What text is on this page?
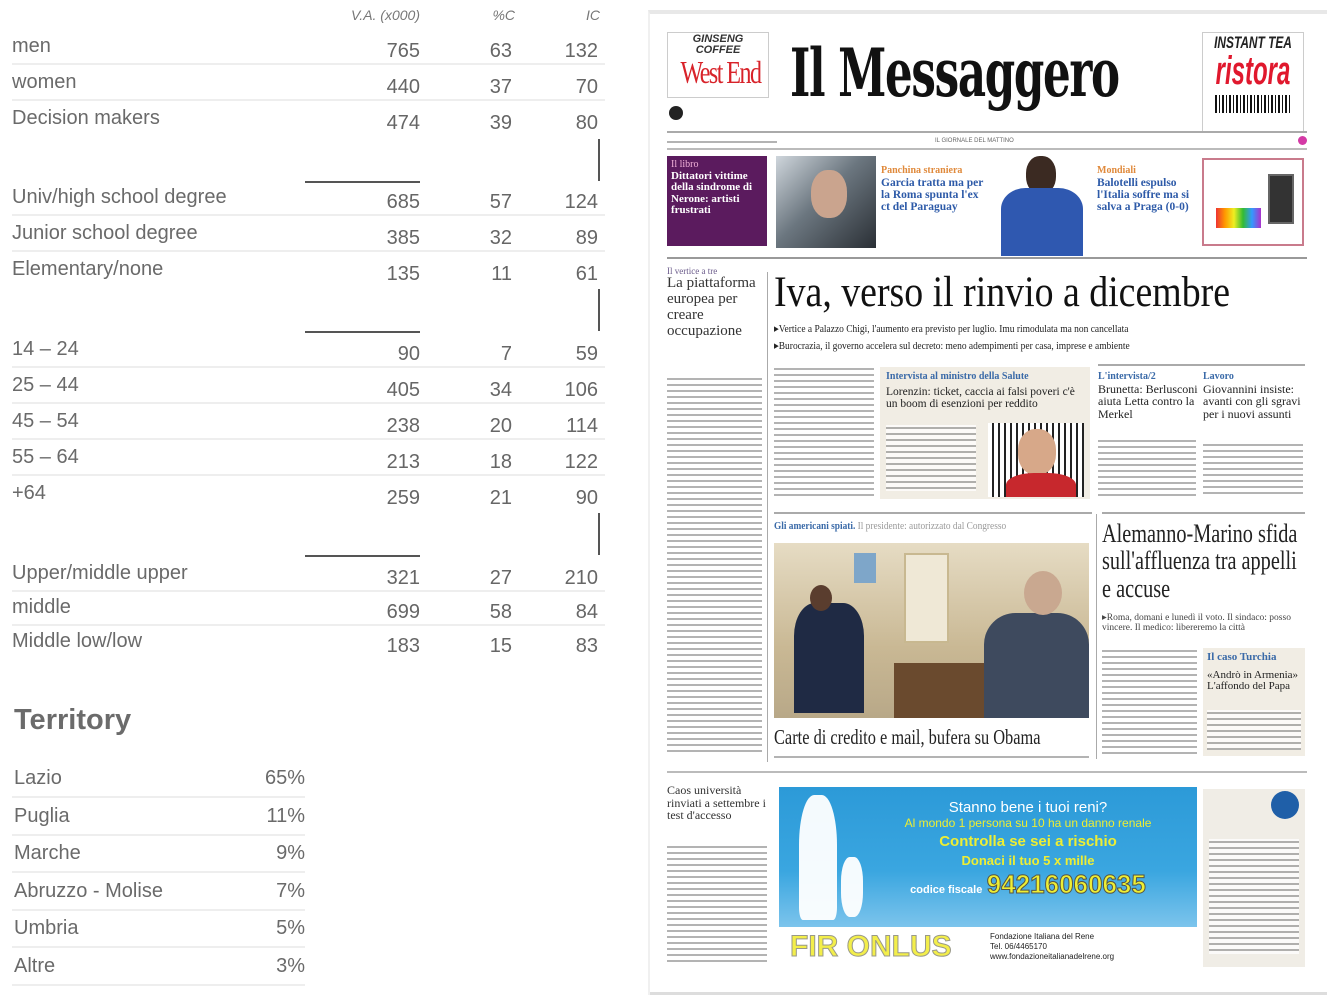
V.A. (x000)	%C	IC
men	765	63	132
women	440	37	70
Decision makers	474	39	80
Univ/high school degree	685	57	124
Junior school degree	385	32	89
Elementary/none	135	11	61
14 – 24	90	7	59
25 – 44	405	34	106
45 – 54	238	20	114
55 – 64	213	18	122
+64	259	21	90
Upper/middle upper	321	27	210
middle	699	58	84
Middle low/low	183	15	83
Territory
Lazio	65%
Puglia	11%
Marche	9%
Abruzzo - Molise	7%
Umbria	5%
Altre	3%
GINSENG
COFFEE
West End Il Messaggero	INSTANT TEA
ristora
IL GIORNALE DEL MATTINO
Il libro
Dittatori vittime della sindrome di Nerone: artisti frustrati
Panchina straniera
Garcia tratta ma per la Roma spunta l'ex ct del Paraguay
Mondiali
Balotelli espulso l'Italia soffre ma si salva a Praga (0-0)
Il vertice a tre
La piattaforma europea per creare occupazione
Iva, verso il rinvio a dicembre
▸Vertice a Palazzo Chigi, l'aumento era previsto per luglio. Imu rimodulata ma non cancellata
▸Burocrazia, il governo accelera sul decreto: meno adempimenti per casa, imprese e ambiente
Intervista al ministro della Salute
Lorenzin: ticket, caccia ai falsi poveri c'è un boom di esenzioni per reddito
L'intervista/2
Brunetta: Berlusconi aiuta Letta contro la Merkel
Lavoro
Giovannini insiste: avanti con gli sgravi per i nuovi assunti
Gli americani spiati. Il presidente: autorizzato dal Congresso
Carte di credito e mail, bufera su Obama
Alemanno-Marino sfida sull'affluenza tra appelli e accuse
▸Roma, domani e lunedì il voto. Il sindaco: posso vincere. Il medico: libereremo la città
Il caso Turchia
«Andrò in Armenia» L'affondo del Papa
Caos università rinviati a settembre i test d'accesso	Stanno bene i tuoi reni?
Al mondo 1 persona su 10 ha un danno renale
Controlla se sei a rischio
Donaci il tuo 5 x mille
codice fiscale 94216060635
FIR ONLUS	Fondazione Italiana del Rene
Tel. 06/4465170
www.fondazioneitalianadelrene.org
